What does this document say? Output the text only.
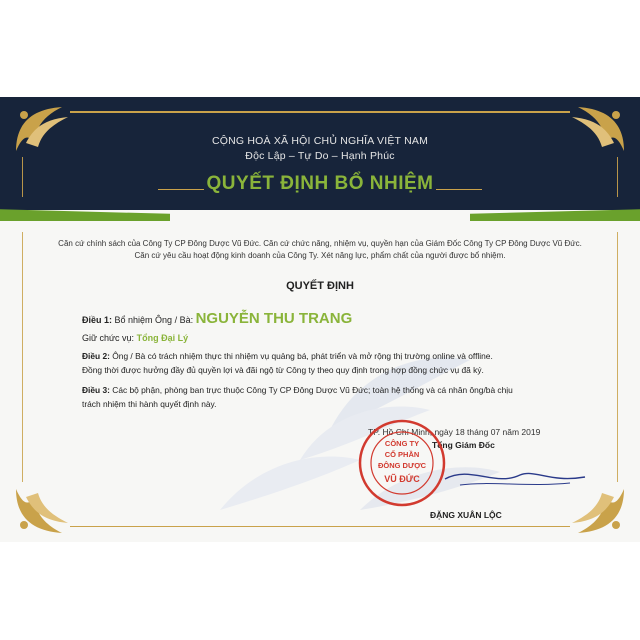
CỘNG HOÀ XÃ HỘI CHỦ NGHĨA VIỆT NAM
Độc Lập – Tự Do – Hạnh Phúc
QUYẾT ĐỊNH BỔ NHIỆM
Căn cứ chính sách của Công Ty CP Đông Dược Vũ Đức. Căn cứ chức năng, nhiệm vụ, quyền hạn của Giám Đốc Công Ty CP Đông Dược Vũ Đức.
Căn cứ yêu cầu hoạt động kinh doanh của Công Ty. Xét năng lực, phẩm chất của người được bổ nhiệm.
QUYẾT ĐỊNH
Điều 1: Bổ nhiệm Ông / Bà: NGUYỄN THU TRANG
Giữ chức vụ: Tổng Đại Lý
Điều 2: Ông / Bà có trách nhiệm thực thi nhiệm vụ quảng bá, phát triển và mở rộng thị trường online và offline.
Đồng thời được hưởng đầy đủ quyền lợi và đãi ngộ từ Công ty theo quy định trong hợp đồng chức vụ đã ký.
Điều 3: Các bộ phận, phòng ban trực thuộc Công Ty CP Đông Dược Vũ Đức; toàn hệ thống và cá nhân ông/bà chịu
trách nhiệm thi hành quyết định này.
TP. Hồ Chí Minh, ngày 18 tháng 07 năm 2019
Tổng Giám Đốc
CÔNG TY
CỔ PHẦN
ĐÔNG DƯỢC
VŨ ĐỨC
ĐẶNG XUÂN LỘC
